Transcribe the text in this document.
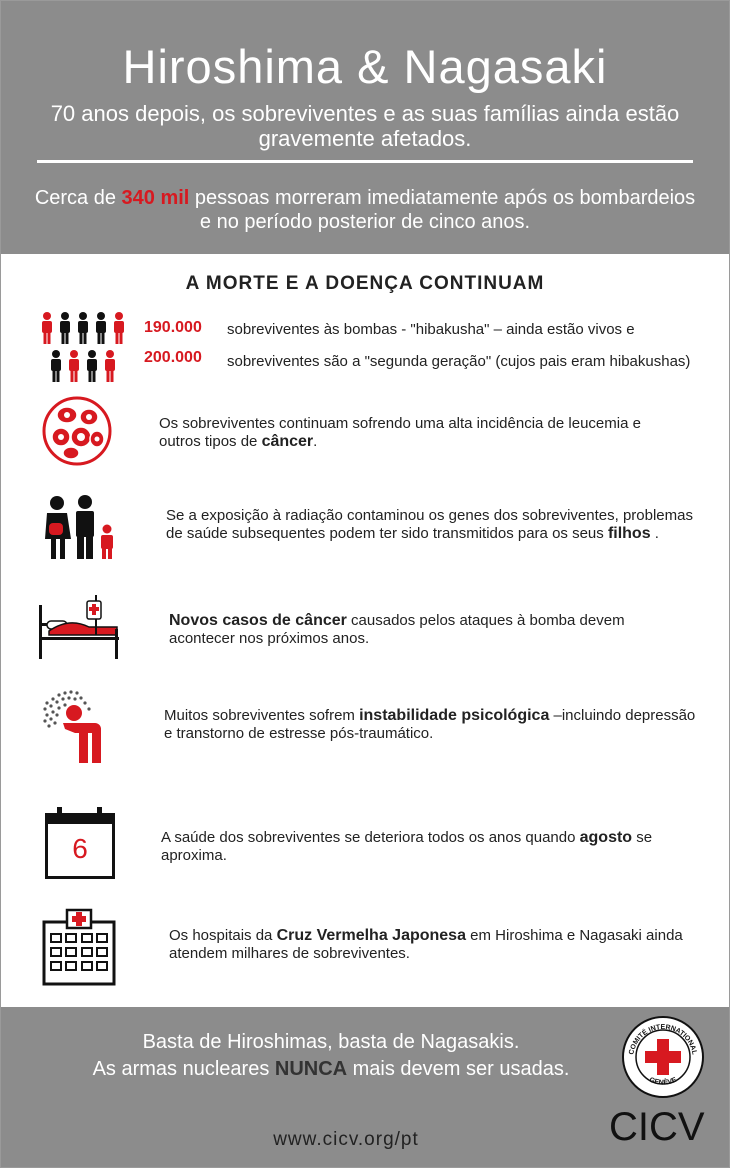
Hiroshima & Nagasaki
70 anos depois, os sobreviventes e as suas famílias ainda estão gravemente afetados.
Cerca de 340 mil pessoas morreram imediatamente após os bombardeios e no período posterior de cinco anos.
A MORTE E A DOENÇA CONTINUAM
190.000 sobreviventes às bombas - "hibakusha" – ainda estão vivos e
200.000 sobreviventes são a "segunda geração" (cujos pais eram hibakushas)
Os sobreviventes continuam sofrendo uma alta incidência de leucemia e outros tipos de câncer.
Se a exposição à radiação contaminou os genes dos sobreviventes, problemas de saúde subsequentes podem ter sido transmitidos para os seus filhos .
Novos casos de câncer causados pelos ataques à bomba devem acontecer nos próximos anos.
Muitos sobreviventes sofrem instabilidade psicológica –incluindo depressão e transtorno de estresse pós-traumático.
6	A saúde dos sobreviventes se deteriora todos os anos quando agosto se aproxima.
Os hospitais da Cruz Vermelha Japonesa em Hiroshima e Nagasaki ainda atendem milhares de sobreviventes.
Basta de Hiroshimas, basta de Nagasakis.
As armas nucleares NUNCA mais devem ser usadas.
COMITÉ INTERNATIONAL
GENÈVE
www.cicv.org/pt	CICV
